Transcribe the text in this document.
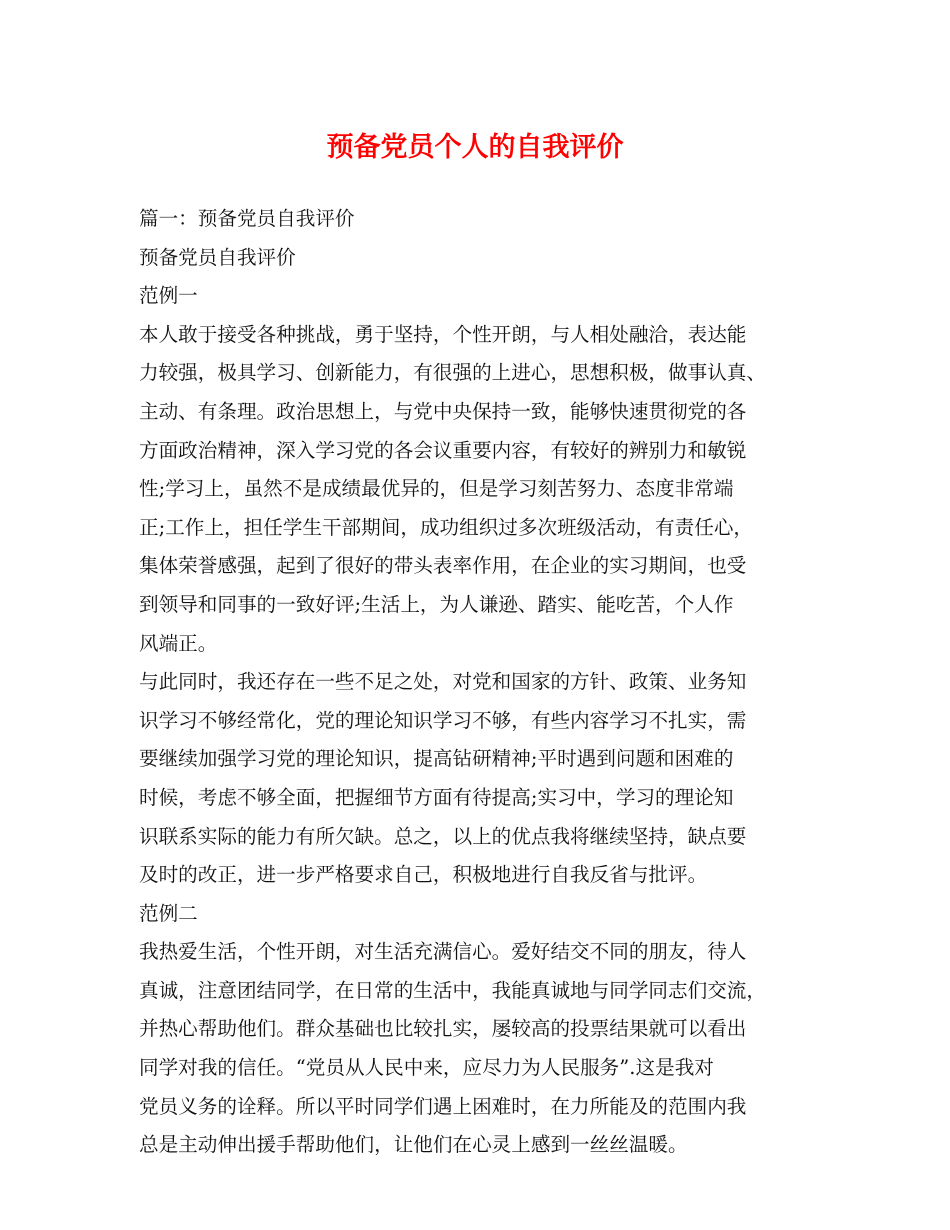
预备党员个人的自我评价

篇一：预备党员自我评价

预备党员自我评价

范例一

本人敢于接受各种挑战，勇于坚持，个性开朗，与人相处融洽，表达能

力较强，极具学习、创新能力，有很强的上进心，思想积极，做事认真、

主动、有条理。政治思想上，与党中央保持一致，能够快速贯彻党的各

方面政治精神，深入学习党的各会议重要内容，有较好的辨别力和敏锐

性;学习上，虽然不是成绩最优异的，但是学习刻苦努力、态度非常端

正;工作上，担任学生干部期间，成功组织过多次班级活动，有责任心，

集体荣誉感强，起到了很好的带头表率作用，在企业的实习期间，也受

到领导和同事的一致好评;生活上，为人谦逊、踏实、能吃苦，个人作

风端正。

与此同时，我还存在一些不足之处，对党和国家的方针、政策、业务知

识学习不够经常化，党的理论知识学习不够，有些内容学习不扎实，需

要继续加强学习党的理论知识，提高钻研精神;平时遇到问题和困难的

时候，考虑不够全面，把握细节方面有待提高;实习中，学习的理论知

识联系实际的能力有所欠缺。总之，以上的优点我将继续坚持，缺点要

及时的改正，进一步严格要求自己，积极地进行自我反省与批评。

范例二

我热爱生活，个性开朗，对生活充满信心。爱好结交不同的朋友，待人

真诚，注意团结同学，在日常的生活中，我能真诚地与同学同志们交流，

并热心帮助他们。群众基础也比较扎实，屡较高的投票结果就可以看出

同学对我的信任。“党员从人民中来，应尽力为人民服务”.这是我对

党员义务的诠释。所以平时同学们遇上困难时，在力所能及的范围内我

总是主动伸出援手帮助他们，让他们在心灵上感到一丝丝温暖。
